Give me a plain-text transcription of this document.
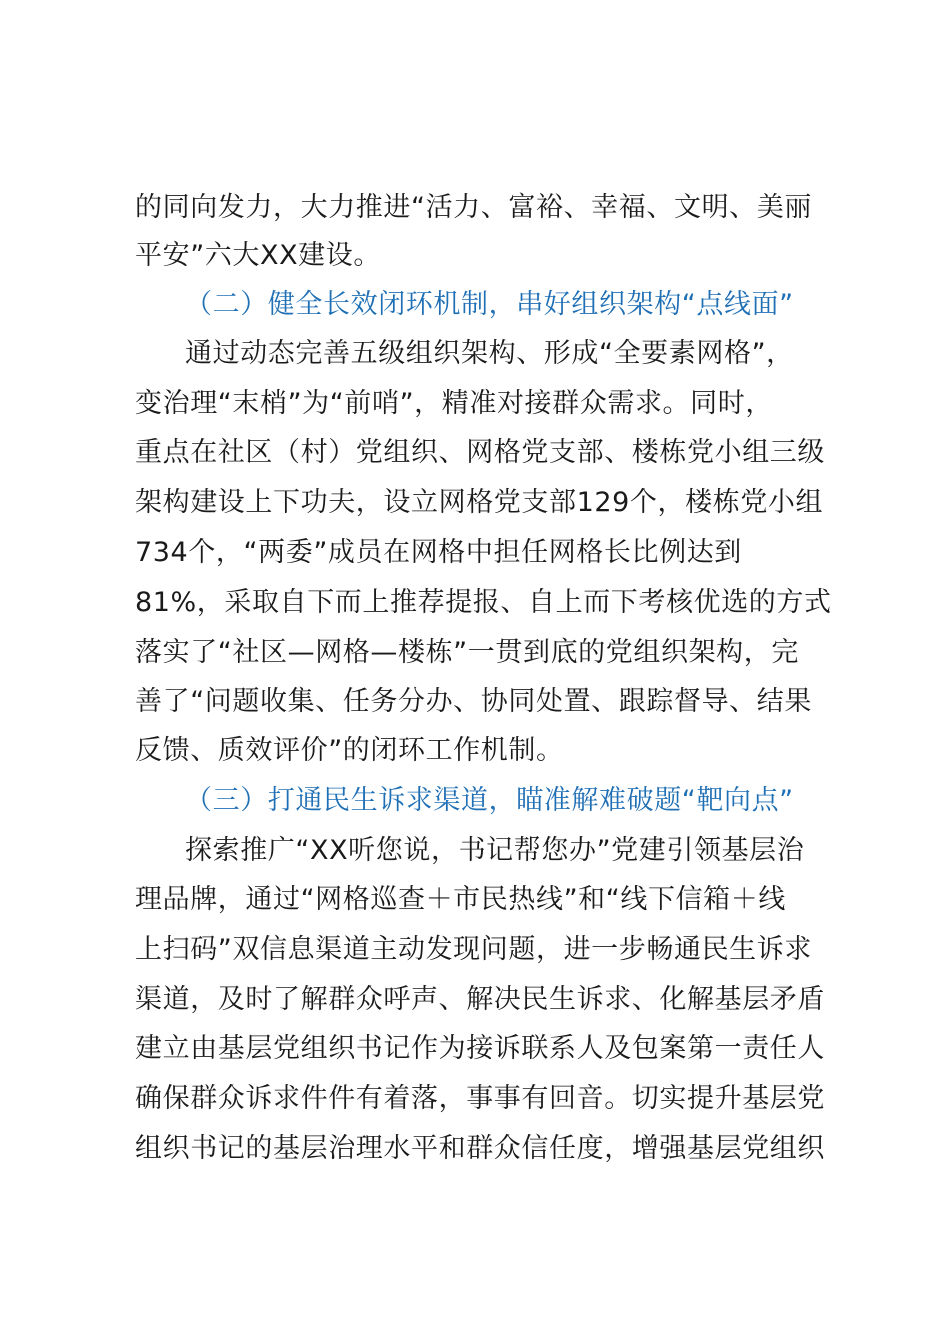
的同向发力，大力推进“活力、富裕、幸福、文明、美丽
平安”六大XX建设。
（二）健全长效闭环机制，串好组织架构“点线面”
通过动态完善五级组织架构、形成“全要素网格”，
变治理“末梢”为“前哨”，精准对接群众需求。同时，
重点在社区（村）党组织、网格党支部、楼栋党小组三级
架构建设上下功夫，设立网格党支部129个，楼栋党小组
734个，“两委”成员在网格中担任网格长比例达到
81%，采取自下而上推荐提报、自上而下考核优选的方式
落实了“社区—网格—楼栋”一贯到底的党组织架构，完
善了“问题收集、任务分办、协同处置、跟踪督导、结果
反馈、质效评价”的闭环工作机制。
（三）打通民生诉求渠道，瞄准解难破题“靶向点”
探索推广“XX听您说，书记帮您办”党建引领基层治
理品牌，通过“网格巡查＋市民热线”和“线下信箱＋线
上扫码”双信息渠道主动发现问题，进一步畅通民生诉求
渠道，及时了解群众呼声、解决民生诉求、化解基层矛盾
建立由基层党组织书记作为接诉联系人及包案第一责任人
确保群众诉求件件有着落，事事有回音。切实提升基层党
组织书记的基层治理水平和群众信任度，增强基层党组织
